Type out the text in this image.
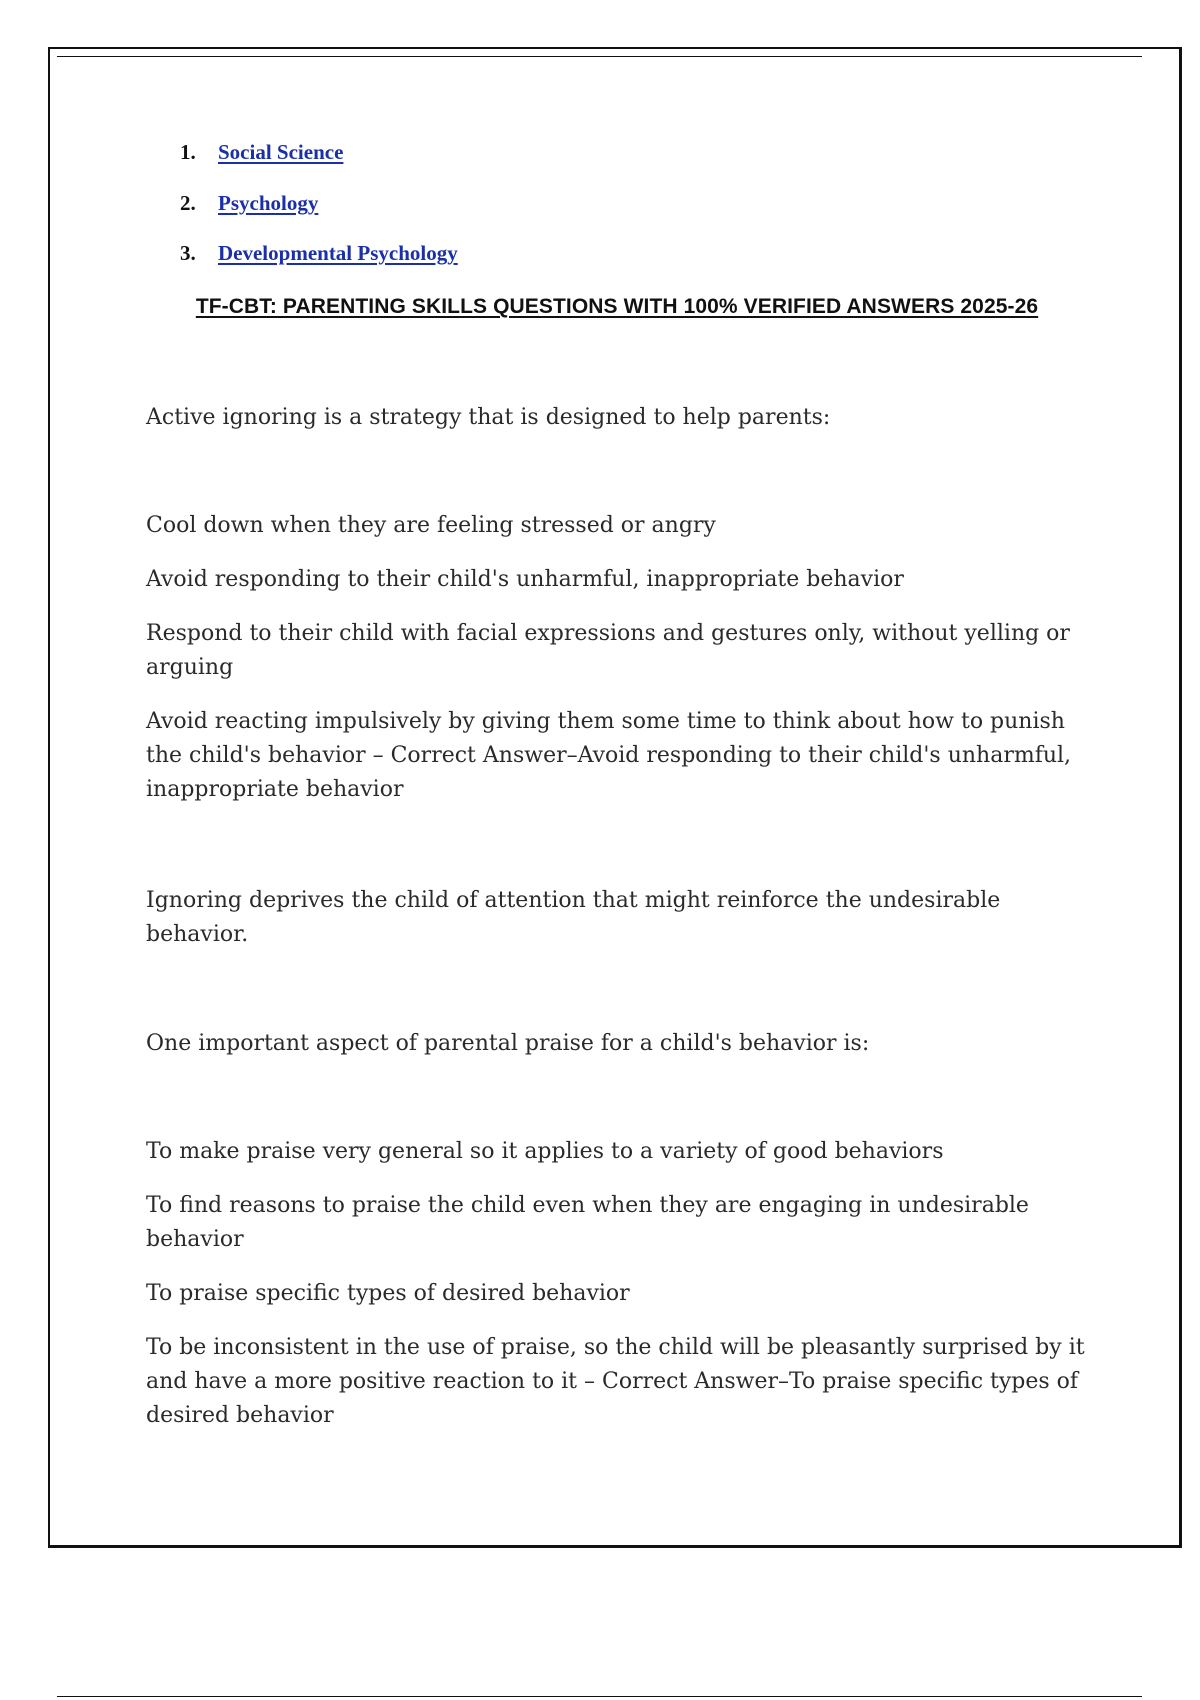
1.	Social Science
2.	Psychology
3.	Developmental Psychology
TF-CBT: PARENTING SKILLS QUESTIONS WITH 100% VERIFIED ANSWERS 2025-26

Active ignoring is a strategy that is designed to help parents:

Cool down when they are feeling stressed or angry

Avoid responding to their child's unharmful, inappropriate behavior

Respond to their child with facial expressions and gestures only, without yelling or arguing

Avoid reacting impulsively by giving them some time to think about how to punish the child's behavior – Correct Answer–Avoid responding to their child's unharmful, inappropriate behavior

Ignoring deprives the child of attention that might reinforce the undesirable behavior.

One important aspect of parental praise for a child's behavior is:

To make praise very general so it applies to a variety of good behaviors

To find reasons to praise the child even when they are engaging in undesirable behavior

To praise specific types of desired behavior

To be inconsistent in the use of praise, so the child will be pleasantly surprised by it and have a more positive reaction to it – Correct Answer–To praise specific types of desired behavior
